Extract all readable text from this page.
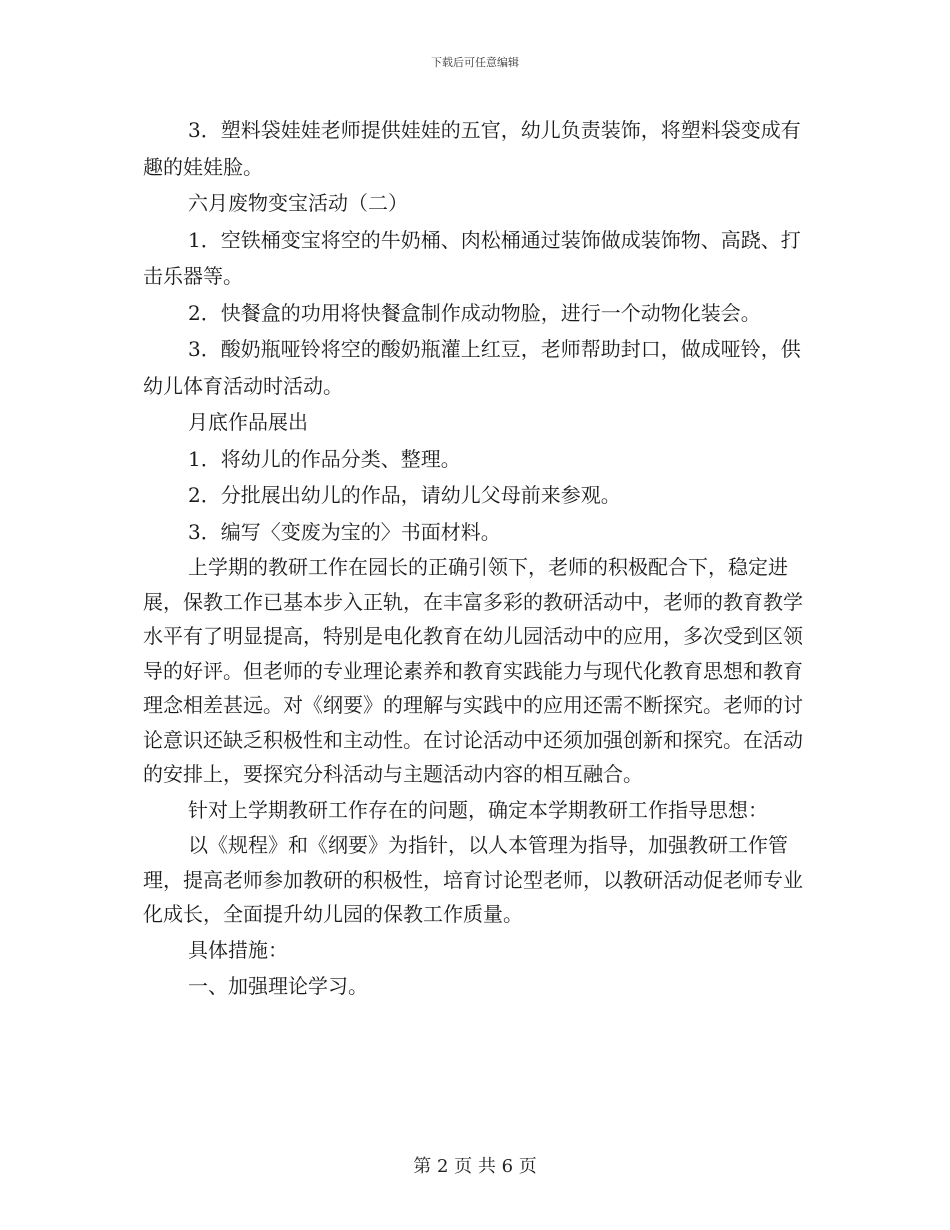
下载后可任意编辑

3．塑料袋娃娃老师提供娃娃的五官，幼儿负责装饰，将塑料袋变成有趣的娃娃脸。

六月废物变宝活动（二）

1．空铁桶变宝将空的牛奶桶、肉松桶通过装饰做成装饰物、高跷、打击乐器等。

2．快餐盒的功用将快餐盒制作成动物脸，进行一个动物化装会。

3．酸奶瓶哑铃将空的酸奶瓶灌上红豆，老师帮助封口，做成哑铃，供幼儿体育活动时活动。

月底作品展出

1．将幼儿的作品分类、整理。

2．分批展出幼儿的作品，请幼儿父母前来参观。

3．编写〈变废为宝的〉书面材料。

上学期的教研工作在园长的正确引领下，老师的积极配合下，稳定进展，保教工作已基本步入正轨，在丰富多彩的教研活动中，老师的教育教学水平有了明显提高，特别是电化教育在幼儿园活动中的应用，多次受到区领导的好评。但老师的专业理论素养和教育实践能力与现代化教育思想和教育理念相差甚远。对《纲要》的理解与实践中的应用还需不断探究。老师的讨论意识还缺乏积极性和主动性。在讨论活动中还须加强创新和探究。在活动的安排上，要探究分科活动与主题活动内容的相互融合。

针对上学期教研工作存在的问题，确定本学期教研工作指导思想：

以《规程》和《纲要》为指针，以人本管理为指导，加强教研工作管理，提高老师参加教研的积极性，培育讨论型老师，以教研活动促老师专业化成长，全面提升幼儿园的保教工作质量。

具体措施：

一、加强理论学习。

第 2 页 共 6 页
